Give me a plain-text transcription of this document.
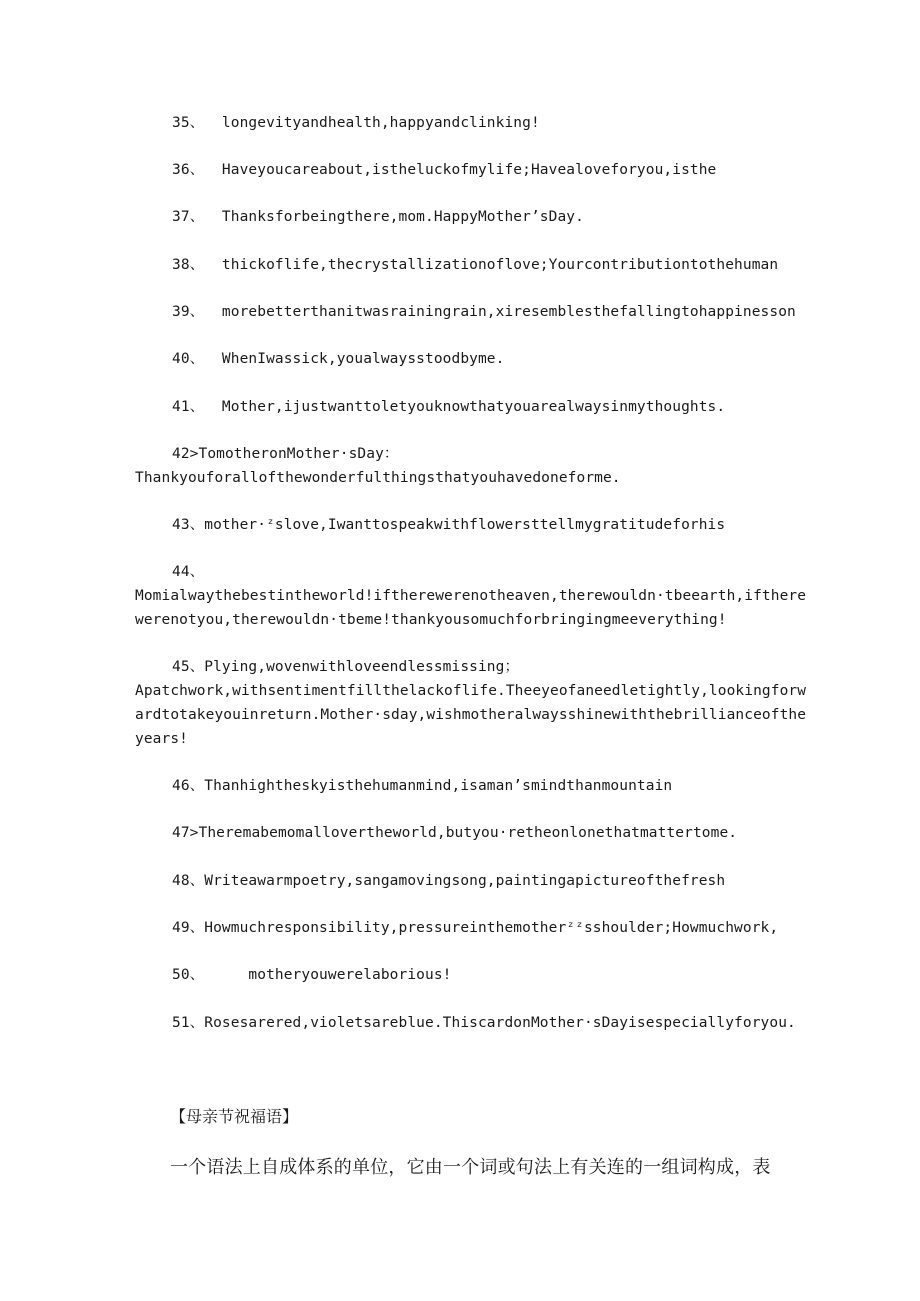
35、  longevityandhealth,happyandclinking!
36、  Haveyoucareabout,istheluckofmylife;Havealoveforyou,isthe
37、  Thanksforbeingthere,mom.HappyMother’sDay.
38、  thickoflife,thecrystallizationoflove;Yourcontributiontothehuman
39、  morebetterthanitwasrainingrain,xiresemblesthefallingtohappinesson
40、  WhenIwassick,youalwaysstoodbyme.
41、  Mother,ijustwanttoletyouknowthatyouarealwaysinmythoughts.
42>TomotheronMother·sDay：
Thankyouforallofthewonderfulthingsthatyouhavedoneforme.
43、mother·ᶻslove,Iwanttospeakwithflowersttellmygratitudeforhis
44、
Momialwaythebestintheworld!iftherewerenotheaven,therewouldn·tbeearth,ifthere
werenotyou,therewouldn·tbeme!thankyousomuchforbringingmeeverything!
45、Plying,wovenwithloveendlessmissing；
Apatchwork,withsentimentfillthelackoflife.Theeyeofaneedletightly,lookingforw
ardtotakeyouinreturn.Mother·sday,wishmotheralwaysshinewiththebrillianceofthe
years!
46、Thanhightheskyisthehumanmind,isaman’smindthanmountain
47>Theremabemomallovertheworld,butyou·retheonlonethatmattertome.
48、Writeawarmpoetry,sangamovingsong,paintingapictureofthefresh
49、Howmuchresponsibility,pressureinthemotherᶻᶻsshoulder;Howmuchwork,
50、     motheryouwerelaborious!
51、Rosesarered,violetsareblue.ThiscardonMother·sDayisespeciallyforyou.
【母亲节祝福语】
一个语法上自成体系的单位，它由一个词或句法上有关连的一组词构成，表
